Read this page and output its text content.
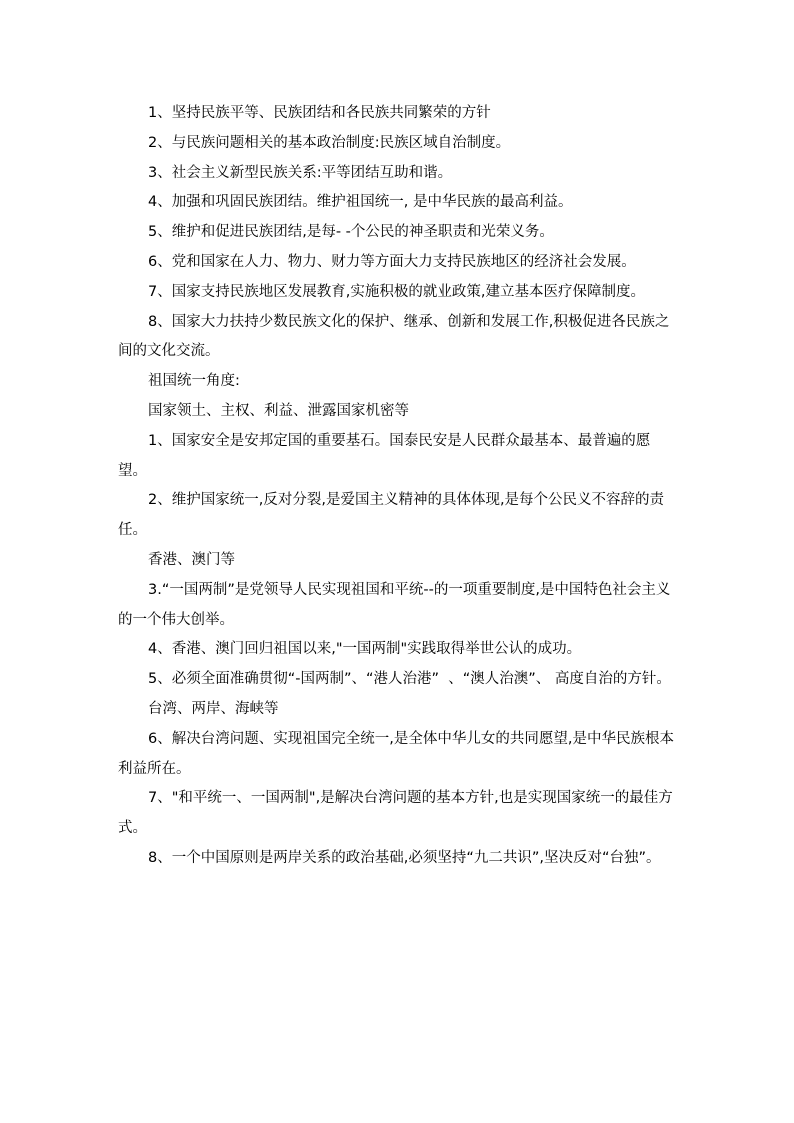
1、坚持民族平等、民族团结和各民族共同繁荣的方针

2、与民族问题相关的基本政治制度:民族区域自治制度。

3、社会主义新型民族关系:平等团结互助和谐。

4、加强和巩固民族团结。维护祖国统一, 是中华民族的最高利益。

5、维护和促进民族团结,是每- -个公民的神圣职责和光荣义务。

6、党和国家在人力、物力、财力等方面大力支持民族地区的经济社会发展。

7、国家支持民族地区发展教育,实施积极的就业政策,建立基本医疗保障制度。

8、国家大力扶持少数民族文化的保护、继承、创新和发展工作,积极促进各民族之间的文化交流。

祖国统一角度:

国家领土、主权、利益、泄露国家机密等

1、国家安全是安邦定国的重要基石。国泰民安是人民群众最基本、最普遍的愿望。

2、维护国家统一,反对分裂,是爱国主义精神的具体体现,是每个公民义不容辞的责任。

香港、澳门等

3.“一国两制”是党领导人民实现祖国和平统--的一项重要制度,是中国特色社会主义的一个伟大创举。

4、香港、澳门回归祖国以来,"一国两制"实践取得举世公认的成功。

5、必须全面准确贯彻“-国两制”、“港人治港”  、“澳人治澳”、 高度自治的方针。

台湾、两岸、海峡等

6、解决台湾问题、实现祖国完全统一,是全体中华儿女的共同愿望,是中华民族根本利益所在。

7、"和平统一、一国两制",是解决台湾问题的基本方针,也是实现国家统一的最佳方式。

8、一个中国原则是两岸关系的政治基础,必须坚持“九二共识”,坚决反对“台独”。
